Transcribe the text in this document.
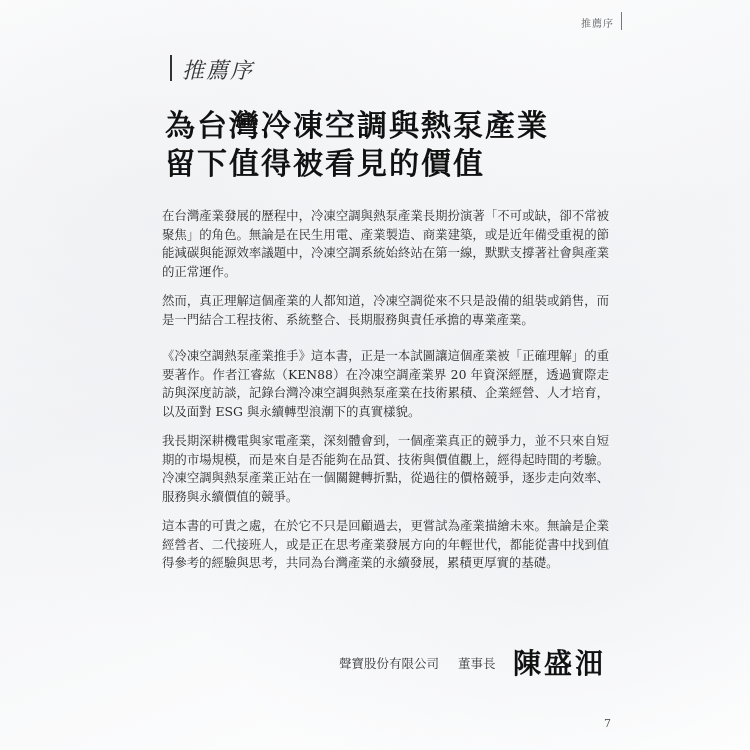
推薦序
推薦序
為台灣冷凍空調與熱泵產業
留下值得被看見的價值

在台灣產業發展的歷程中，冷凍空調與熱泵產業長期扮演著「不可或缺，卻不常被聚焦」的角色。無論是在民生用電、產業製造、商業建築，或是近年備受重視的節能減碳與能源效率議題中，冷凍空調系統始終站在第一線，默默支撐著社會與產業的正常運作。

然而，真正理解這個產業的人都知道，冷凍空調從來不只是設備的組裝或銷售，而是一門結合工程技術、系統整合、長期服務與責任承擔的專業產業。

《冷凍空調熱泵產業推手》這本書，正是一本試圖讓這個產業被「正確理解」的重要著作。作者江睿紘（KEN88）在冷凍空調產業界 20 年資深經歷，透過實際走訪與深度訪談，記錄台灣冷凍空調與熱泵產業在技術累積、企業經營、人才培育，以及面對 ESG 與永續轉型浪潮下的真實樣貌。

我長期深耕機電與家電產業，深刻體會到，一個產業真正的競爭力，並不只來自短期的市場規模，而是來自是否能夠在品質、技術與價值觀上，經得起時間的考驗。冷凍空調與熱泵產業正站在一個關鍵轉折點，從過往的價格競爭，逐步走向效率、服務與永續價值的競爭。

這本書的可貴之處，在於它不只是回顧過去，更嘗試為產業描繪未來。無論是企業經營者、二代接班人，或是正在思考產業發展方向的年輕世代，都能從書中找到值得參考的經驗與思考，共同為台灣產業的永續發展，累積更厚實的基礎。

聲寶股份有限公司 董事長 陳盛沺
7
